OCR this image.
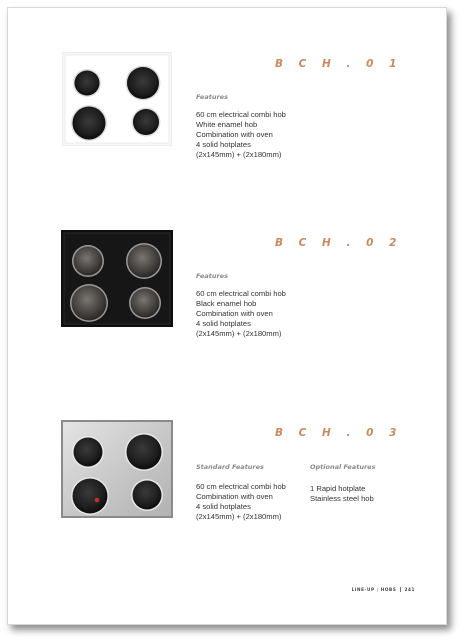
B C H . 0 1
Features
60 cm electrical combi hob
White enamel hob
Combination with oven
4 solid hotplates
(2x145mm) + (2x180mm)
B C H . 0 2
Features
60 cm electrical combi hob
Black enamel hob
Combination with oven
4 solid hotplates
(2x145mm) + (2x180mm)
B C H . 0 3
Standard Features
60 cm electrical combi hob
Combination with oven
4 solid hotplates
(2x145mm) + (2x180mm)
Optional Features
1 Rapid hotplate
Stainless steel hob
LINE-UP | HOBS 241
